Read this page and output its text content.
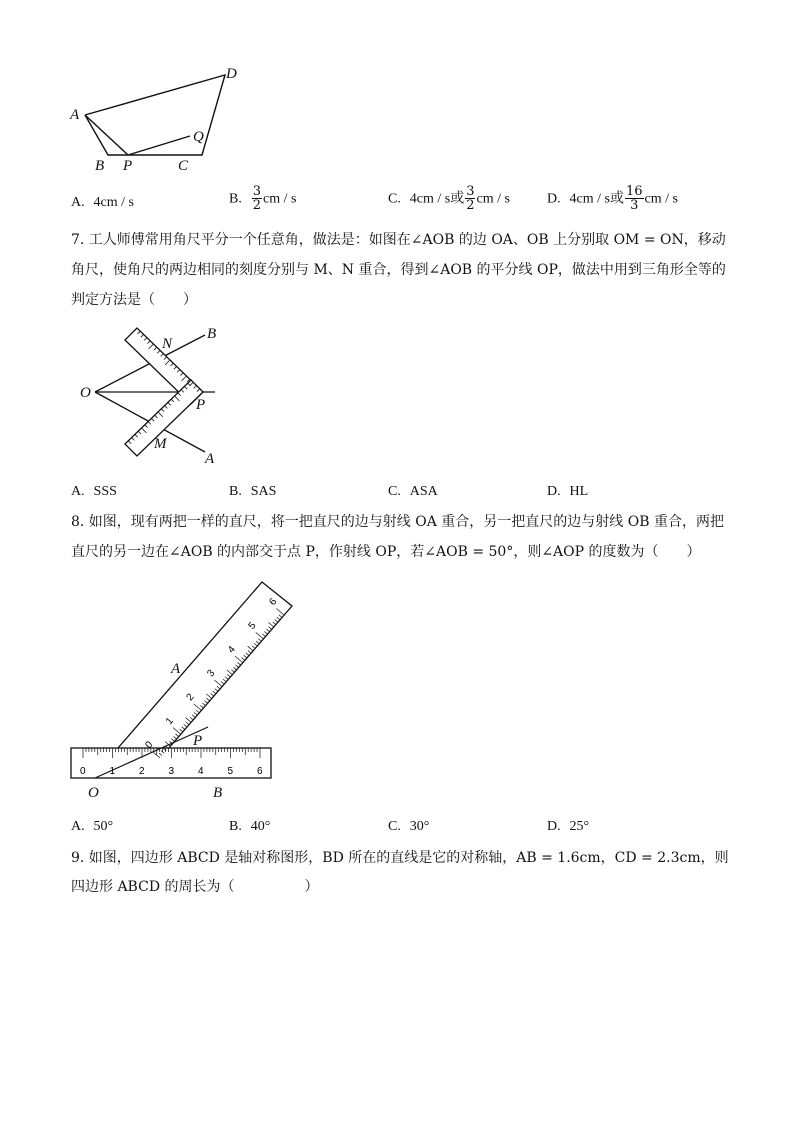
A
D
Q
B P	C
A. 4cm / s	B. $\frac{3}{2}$ cm / s	C. 4cm / s或 $\frac{3}{2}$ cm / s	D. 4cm / s或 $\frac{16}{3}$ cm / s
7. 工人师傅常用角尺平分一个任意角，做法是：如图在∠AOB 的边 OA、OB 上分别取 OM = ON，移动
角尺，使角尺的两边相同的刻度分别与 M、N 重合，得到∠AOB 的平分线 OP，做法中用到三角形全等的
判定方法是（　　）
O
N
B
P
M
A
A. SSS	B. SAS	C. ASA	D. HL
8. 如图，现有两把一样的直尺，将一把直尺的边与射线 OA 重合，另一把直尺的边与射线 OB 重合，两把
直尺的另一边在∠AOB 的内部交于点 P，作射线 OP，若∠AOB = 50°，则∠AOP 的度数为（　　）
0 1 2 3 4 5 6
0
1
2
3
4
5
6
A
P
O	B
A. 50°	B. 40°	C. 30°	D. 25°
9. 如图，四边形 ABCD 是轴对称图形，BD 所在的直线是它的对称轴，AB = 1.6cm，CD = 2.3cm，则
四边形 ABCD 的周长为（　　　　　）
